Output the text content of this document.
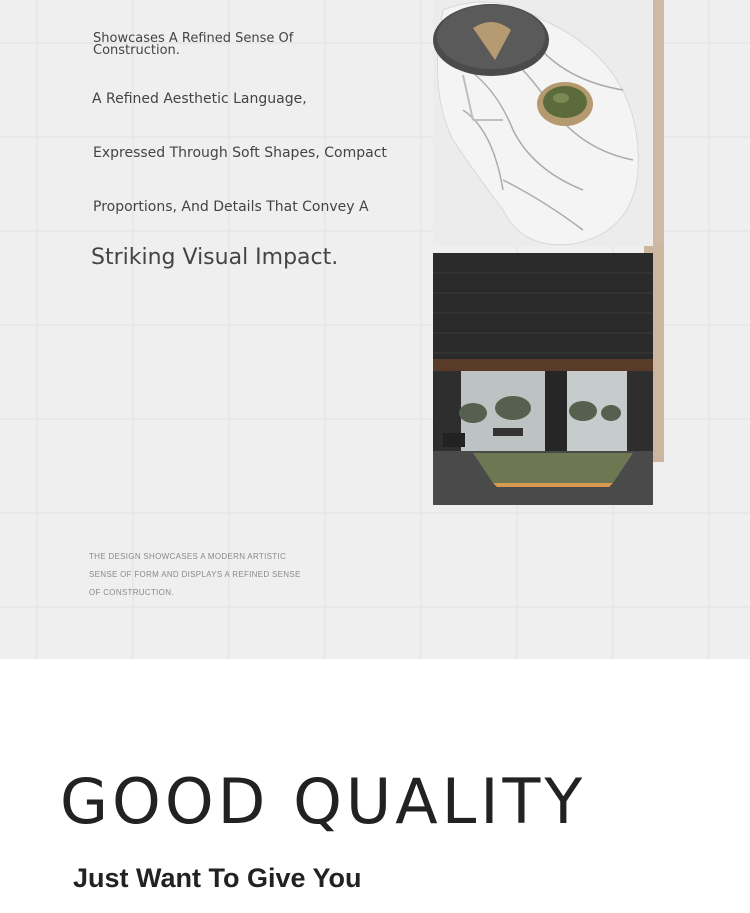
Showcases A Refined Sense Of Construction.
A Refined Aesthetic Language,
Expressed Through Soft Shapes, Compact
Proportions, And Details That Convey A
Striking Visual Impact.
THE DESIGN SHOWCASES A MODERN ARTISTIC SENSE OF FORM AND DISPLAYS A REFINED SENSE OF CONSTRUCTION.
GOOD QUALITY
Just Want To Give You
